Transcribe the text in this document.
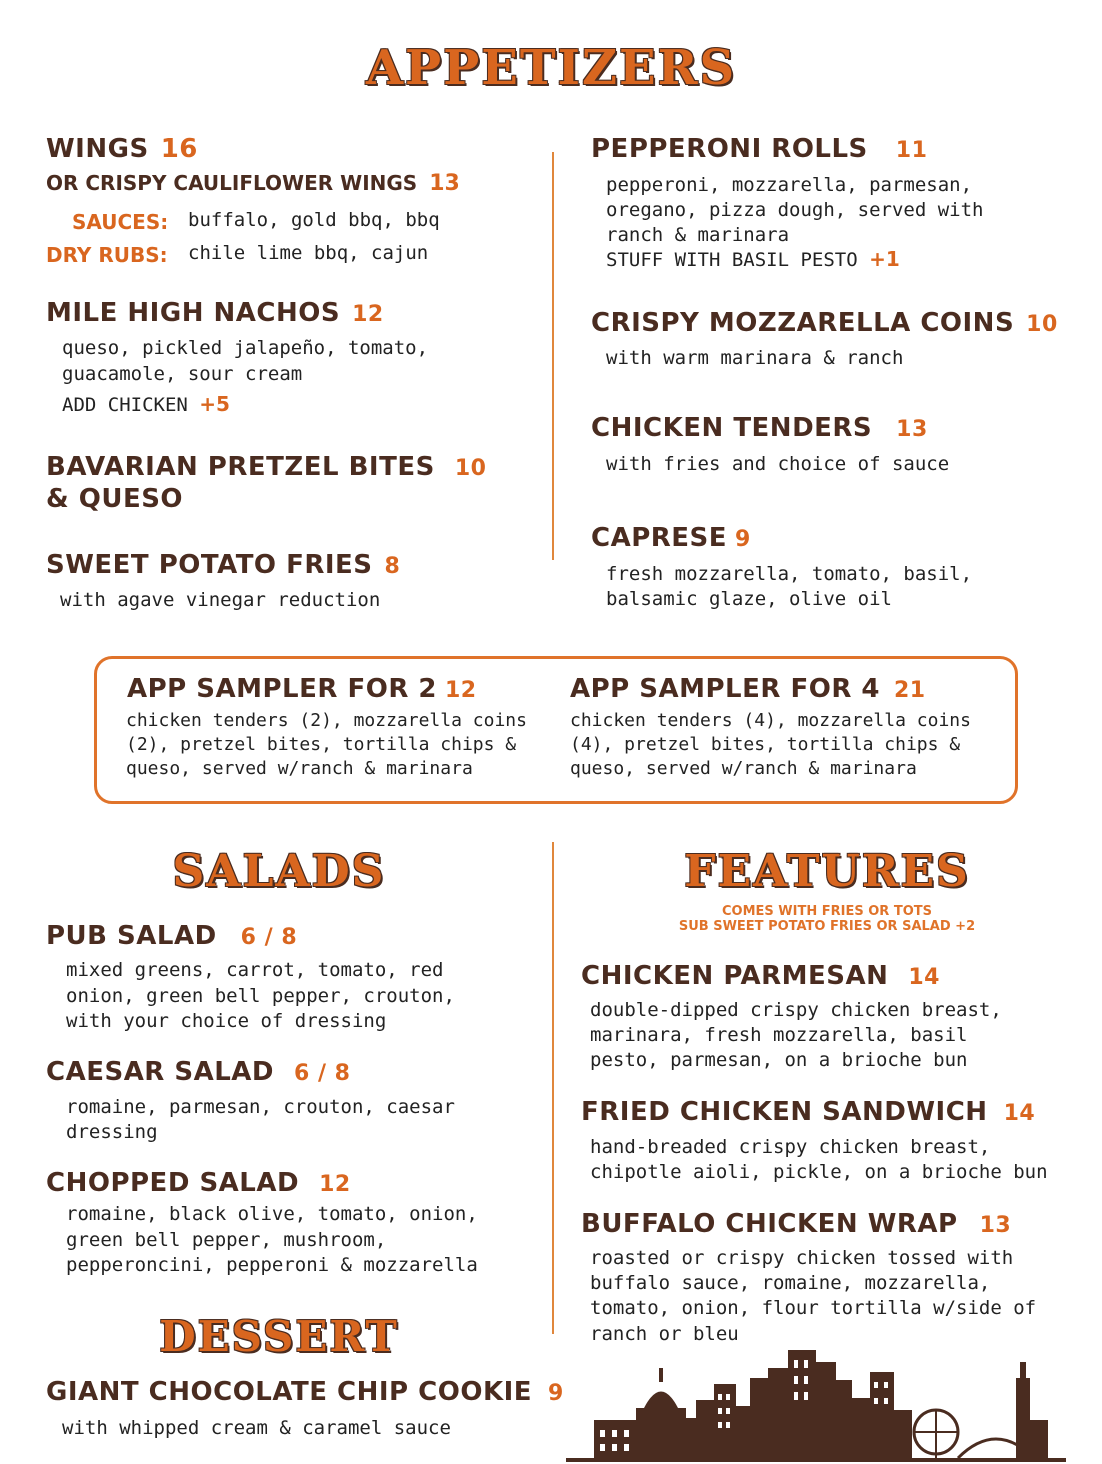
APPETIZERS
WINGS 16
OR CRISPY CAULIFLOWER WINGS 13
SAUCES: buffalo, gold bbq, bbq
DRY RUBS: chile lime bbq, cajun
MILE HIGH NACHOS 12
queso, pickled jalapeño, tomato,
guacamole, sour cream
ADD CHICKEN +5
BAVARIAN PRETZEL BITES 10
& QUESO
SWEET POTATO FRIES 8
with agave vinegar reduction
PEPPERONI ROLLS 11
pepperoni, mozzarella, parmesan,
oregano, pizza dough, served with
ranch & marinara
STUFF WITH BASIL PESTO +1
CRISPY MOZZARELLA COINS 10
with warm marinara & ranch
CHICKEN TENDERS 13
with fries and choice of sauce
CAPRESE 9
fresh mozzarella, tomato, basil,
balsamic glaze, olive oil
APP SAMPLER FOR 2 12
chicken tenders (2), mozzarella coins
(2), pretzel bites, tortilla chips &
queso, served w/ranch & marinara
APP SAMPLER FOR 4 21
chicken tenders (4), mozzarella coins
(4), pretzel bites, tortilla chips &
queso, served w/ranch & marinara
SALADS
PUB SALAD 6 / 8
mixed greens, carrot, tomato, red
onion, green bell pepper, crouton,
with your choice of dressing
CAESAR SALAD 6 / 8
romaine, parmesan, crouton, caesar
dressing
CHOPPED SALAD 12
romaine, black olive, tomato, onion,
green bell pepper, mushroom,
pepperoncini, pepperoni & mozzarella
DESSERT
GIANT CHOCOLATE CHIP COOKIE 9
with whipped cream & caramel sauce
FEATURES
COMES WITH FRIES OR TOTS
SUB SWEET POTATO FRIES OR SALAD +2
CHICKEN PARMESAN 14
double-dipped crispy chicken breast,
marinara, fresh mozzarella, basil
pesto, parmesan, on a brioche bun
FRIED CHICKEN SANDWICH 14
hand-breaded crispy chicken breast,
chipotle aioli, pickle, on a brioche bun
BUFFALO CHICKEN WRAP 13
roasted or crispy chicken tossed with
buffalo sauce, romaine, mozzarella,
tomato, onion, flour tortilla w/side of
ranch or bleu
